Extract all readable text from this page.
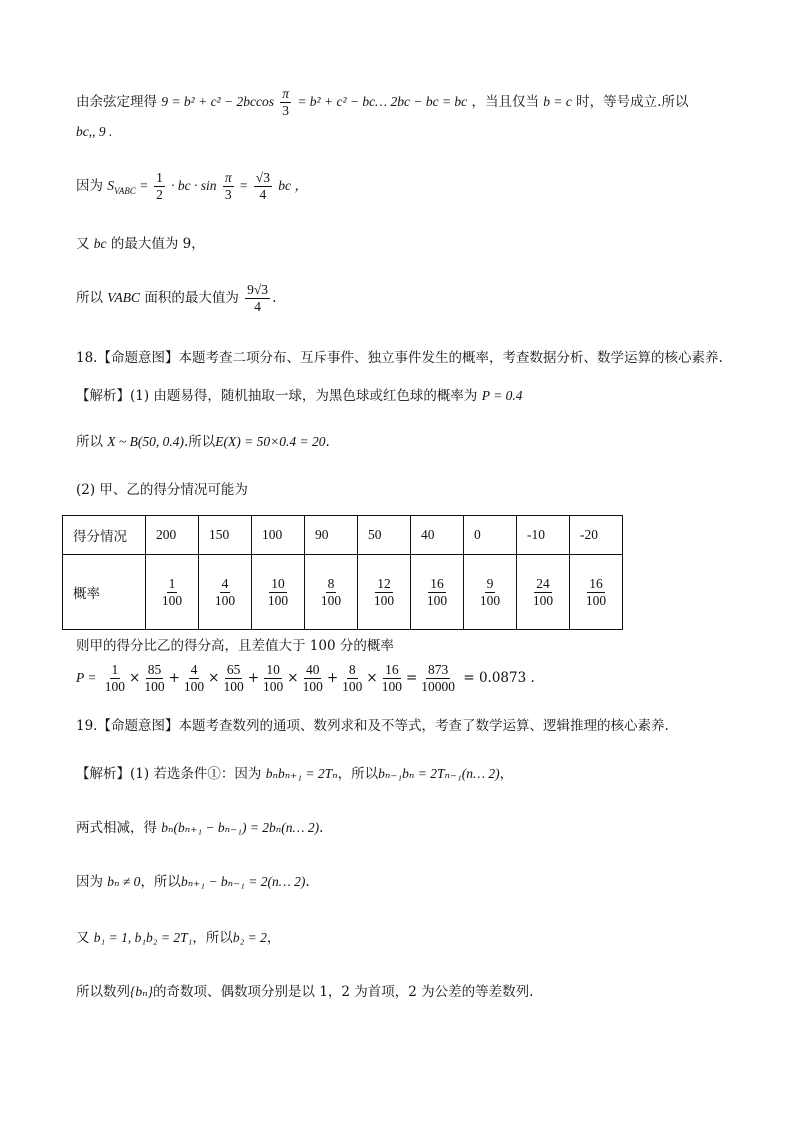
由余弦定理得 $9 = b^2 + c^2 - 2bccos \frac{\pi}{3} = b^2 + c^2$ − bc… 2bc − bc = bc ，当且仅当 b = c 时，等号成立.所以
bc,, 9 .
因为 $S_{VABC} = \frac{1}{2}$ · bc · $\sin \frac{\pi}{3} = \frac{√3}{4}$ bc ，
又 bc 的最大值为 9，
所以 VABC 面积的最大值为 $\frac{9√3}{4}$ .
18.【命题意图】本题考查二项分布、互斥事件、独立事件发生的概率，考查数据分析、数学运算的核心素养.
【解析】(1) 由题易得，随机抽取一球，为黑色球或红色球的概率为 P = 0.4
所以 X ~ B(50, 0.4).所以E(X) = 50×0.4 = 20.
(2) 甲、乙的得分情况可能为
得分情况	200	150	100	90	50	40	0	-10	-20
概率	$\frac{1}{100}$	$\frac{4}{100}$	$\frac{10}{100}$	$\frac{8}{100}$	$\frac{12}{100}$	$\frac{16}{100}$	$\frac{9}{100}$	$\frac{24}{100}$	$\frac{16}{100}$
则甲的得分比乙的得分高，且差值大于 100 分的概率
$P = \frac{1}{100} \times \frac{85}{100} + \frac{4}{100} \times \frac{65}{100} + \frac{10}{100} \times \frac{40}{100} + \frac{8}{100} \times \frac{16}{100} = \frac{873}{10000} = 0.0873$ .
19.【命题意图】本题考查数列的通项、数列求和及不等式，考查了数学运算、逻辑推理的核心素养.
【解析】(1) 若选条件①：因为 bₙbₙ₊₁ = 2Tₙ，所以bₙ₋₁bₙ = 2Tₙ₋₁(n… 2)，
两式相减，得 bₙ(bₙ₊₁ − bₙ₋₁) = 2bₙ(n… 2).
因为 bₙ ≠ 0，所以bₙ₊₁ − bₙ₋₁ = 2(n… 2).
又 b₁ = 1, b₁b₂ = 2T₁，所以b₂ = 2，
所以数列{bₙ}的奇数项、偶数项分别是以 1，2 为首项，2 为公差的等差数列.
